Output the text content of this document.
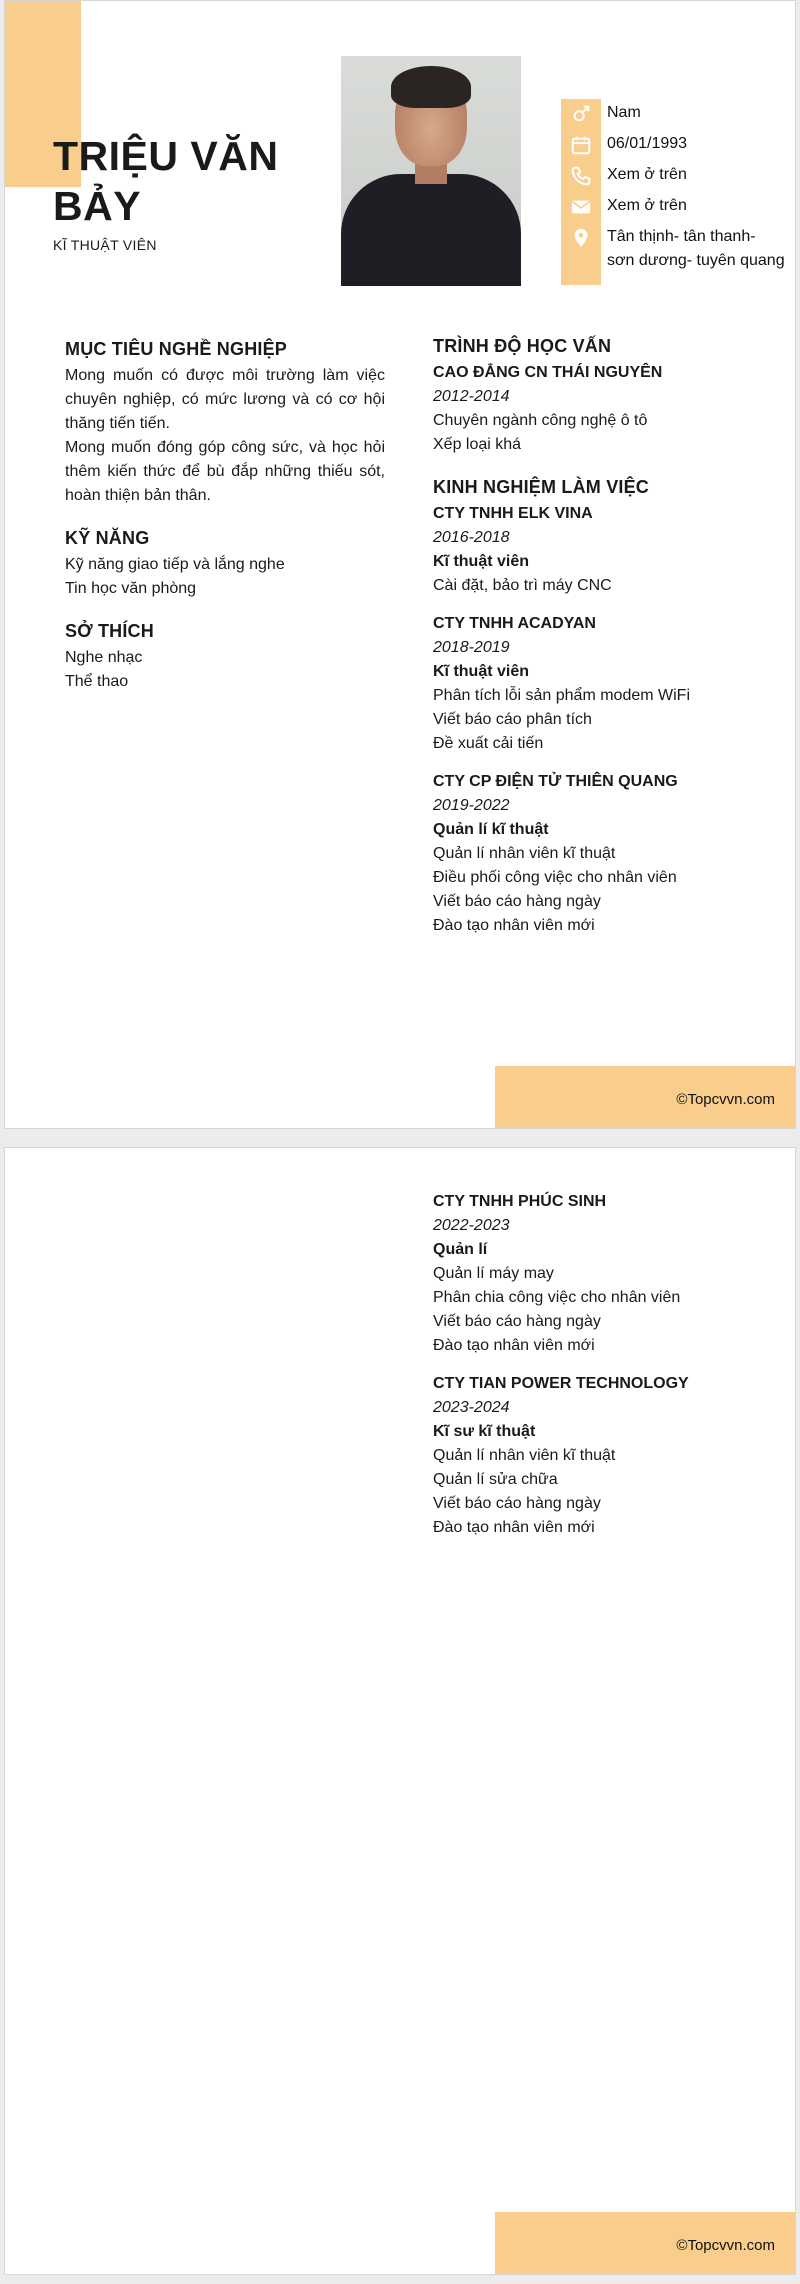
TRIỆU VĂN BẢY
KĨ THUẬT VIÊN
Nam
06/01/1993
Xem ở trên
Xem ở trên
Tân thịnh- tân thanh- sơn dương- tuyên quang
MỤC TIÊU NGHỀ NGHIỆP

Mong muốn có được môi trường làm việc chuyên nghiệp, có mức lương và có cơ hội thăng tiến tiến.

Mong muốn đóng góp công sức, và học hỏi thêm kiến thức để bù đắp những thiếu sót, hoàn thiện bản thân.

KỸ NĂNG

Kỹ năng giao tiếp và lắng nghe

Tin học văn phòng

SỞ THÍCH

Nghe nhạc

Thể thao

TRÌNH ĐỘ HỌC VẤN

CAO ĐẲNG CN THÁI NGUYÊN

2012-2014

Chuyên ngành công nghệ ô tô

Xếp loại khá

KINH NGHIỆM LÀM VIỆC

CTY TNHH ELK VINA

2016-2018

Kĩ thuật viên

Cài đặt, bảo trì máy CNC

CTY TNHH ACADYAN

2018-2019

Kĩ thuật viên

Phân tích lỗi sản phẩm modem WiFi

Viết báo cáo phân tích

Đề xuất cải tiến

CTY CP ĐIỆN TỬ THIÊN QUANG

2019-2022

Quản lí kĩ thuật

Quản lí nhân viên kĩ thuật

Điều phối công việc cho nhân viên

Viết báo cáo hàng ngày

Đào tạo nhân viên mới

©Topcvvn.com

CTY TNHH PHÚC SINH

2022-2023

Quản lí

Quản lí máy may

Phân chia công việc cho nhân viên

Viết báo cáo hàng ngày

Đào tạo nhân viên mới

CTY TIAN POWER TECHNOLOGY

2023-2024

Kĩ sư kĩ thuật

Quản lí nhân viên kĩ thuật

Quản lí sửa chữa

Viết báo cáo hàng ngày

Đào tạo nhân viên mới

©Topcvvn.com
